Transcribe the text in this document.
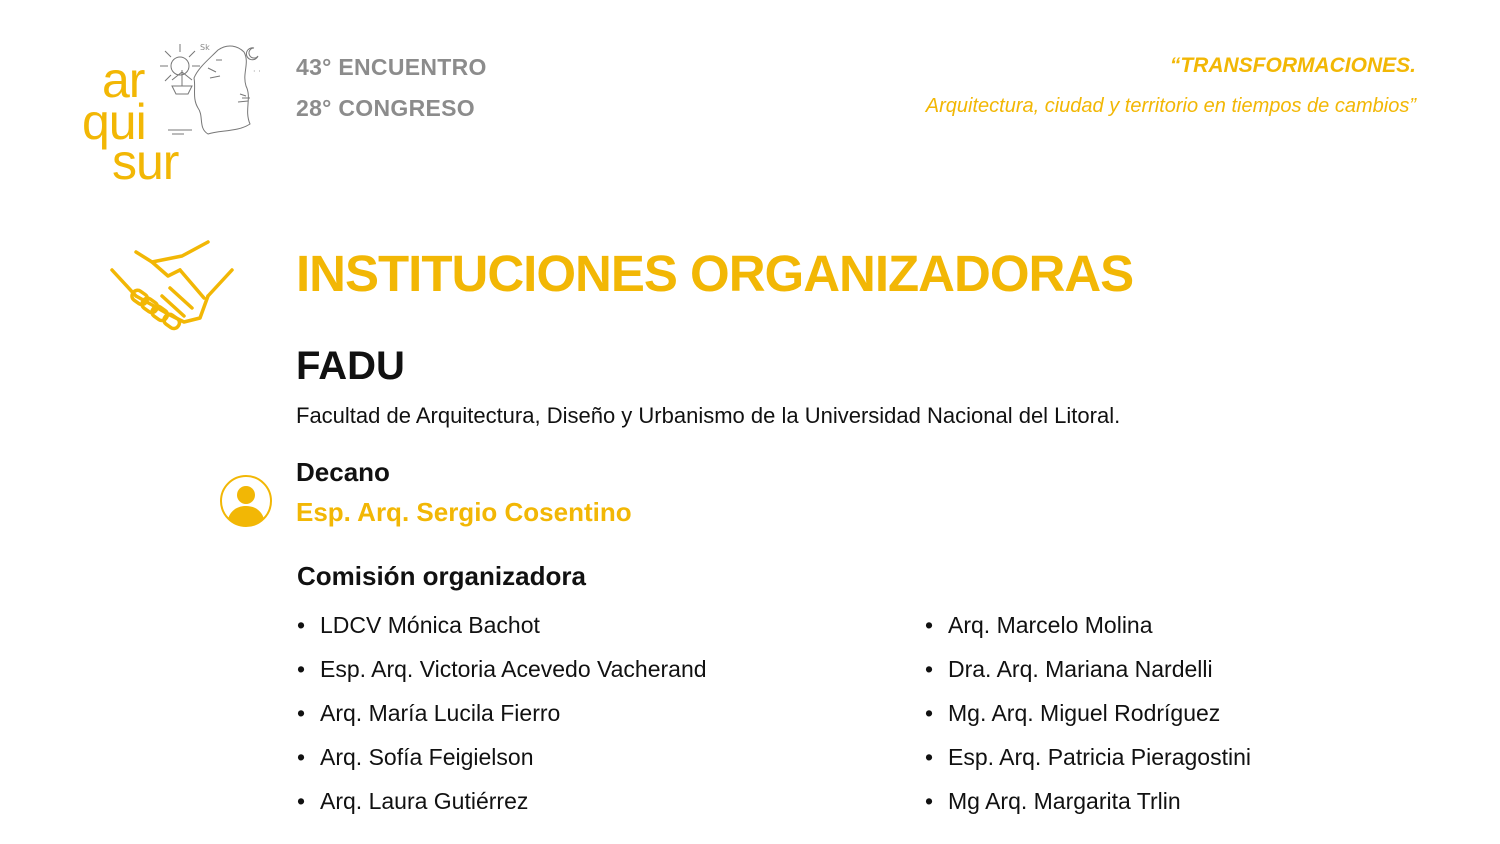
Sk
· ·
ar
qui
sur
43° ENCUENTRO
28° CONGRESO
“TRANSFORMACIONES.
Arquitectura, ciudad y territorio en tiempos de cambios”
INSTITUCIONES ORGANIZADORAS
FADU
Facultad de Arquitectura, Diseño y Urbanismo de la Universidad Nacional del Litoral.
Decano
Esp. Arq. Sergio Cosentino
Comisión organizadora
• LDCV Mónica Bachot
• Esp. Arq. Victoria Acevedo Vacherand
• Arq. María Lucila Fierro
• Arq. Sofía Feigielson
• Arq. Laura Gutiérrez
• Arq. Marcelo Molina
• Dra. Arq. Mariana Nardelli
• Mg. Arq. Miguel Rodríguez
• Esp. Arq. Patricia Pieragostini
• Mg Arq. Margarita Trlin
